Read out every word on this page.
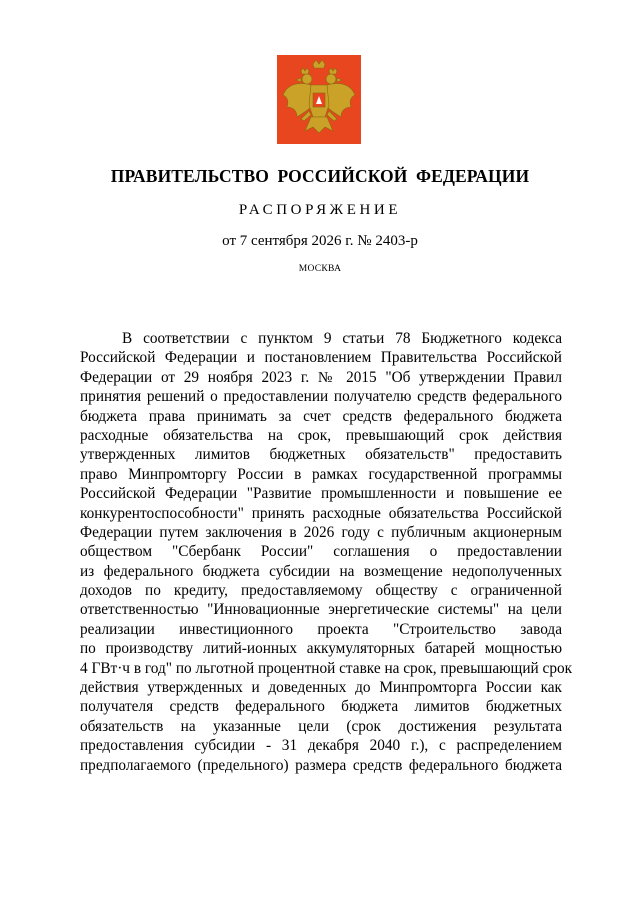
ПРАВИТЕЛЬСТВО РОССИЙСКОЙ ФЕДЕРАЦИИ
РАСПОРЯЖЕНИЕ
от 7 сентября 2026 г. № 2403-р
МОСКВА
В соответствии с пунктом 9 статьи 78 Бюджетного кодекса
Российской Федерации и постановлением Правительства Российской
Федерации от 29 ноября 2023 г. № 2015 "Об утверждении Правил
принятия решений о предоставлении получателю средств федерального
бюджета права принимать за счет средств федерального бюджета
расходные обязательства на срок, превышающий срок действия
утвержденных лимитов бюджетных обязательств" предоставить
право Минпромторгу России в рамках государственной программы
Российской Федерации "Развитие промышленности и повышение ее
конкурентоспособности" принять расходные обязательства Российской
Федерации путем заключения в 2026 году с публичным акционерным
обществом "Сбербанк России" соглашения о предоставлении
из федерального бюджета субсидии на возмещение недополученных
доходов по кредиту, предоставляемому обществу с ограниченной
ответственностью "Инновационные энергетические системы" на цели
реализации инвестиционного проекта "Строительство завода
по производству литий-ионных аккумуляторных батарей мощностью
4 ГВт·ч в год" по льготной процентной ставке на срок, превышающий срок
действия утвержденных и доведенных до Минпромторга России как
получателя средств федерального бюджета лимитов бюджетных
обязательств на указанные цели (срок достижения результата
предоставления субсидии - 31 декабря 2040 г.), с распределением
предполагаемого (предельного) размера средств федерального бюджета
